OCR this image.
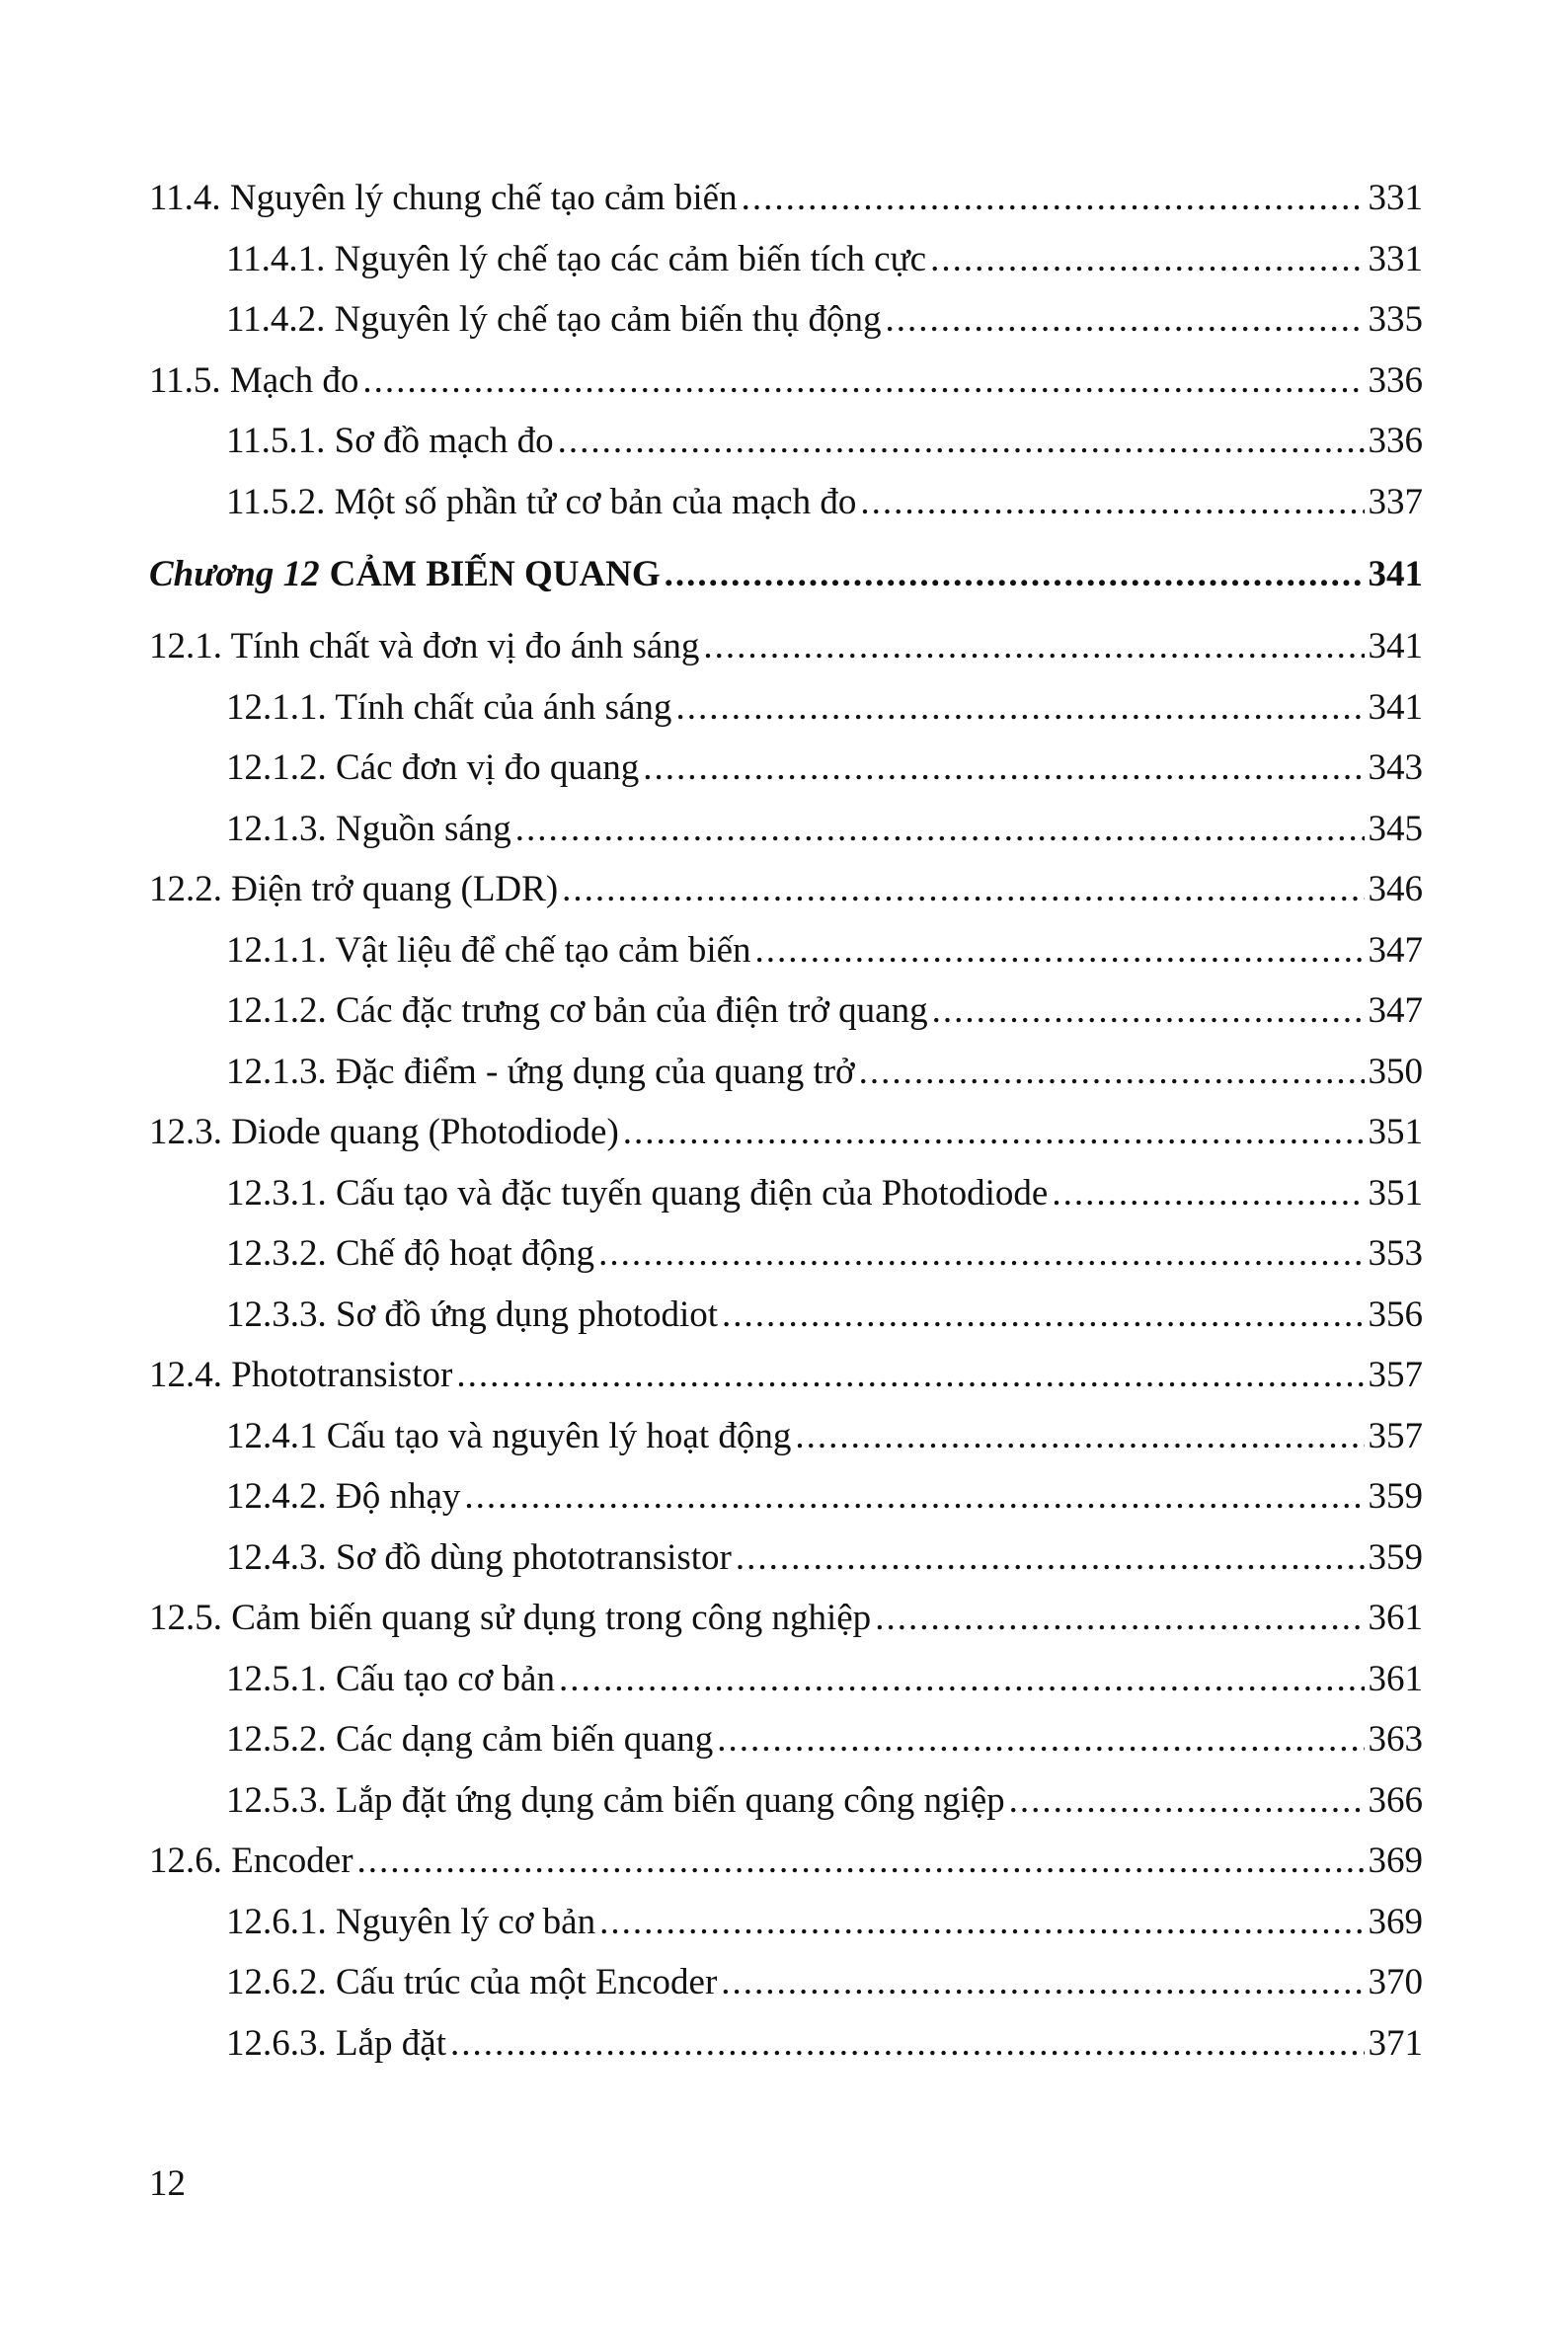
11.4. Nguyên lý chung chế tạo cảm biến .....	331
11.4.1. Nguyên lý chế tạo các cảm biến tích cực .....	331
11.4.2. Nguyên lý chế tạo cảm biến thụ động .....	335
11.5. Mạch đo .....	336
11.5.1. Sơ đồ mạch đo .....	336
11.5.2. Một số phần tử cơ bản của mạch đo .....	337
Chương 12 CẢM BIẾN QUANG .....	341
12.1. Tính chất và đơn vị đo ánh sáng .....	341
12.1.1. Tính chất của ánh sáng .....	341
12.1.2. Các đơn vị đo quang .....	343
12.1.3. Nguồn sáng .....	345
12.2. Điện trở quang (LDR) .....	346
12.1.1. Vật liệu để chế tạo cảm biến .....	347
12.1.2. Các đặc trưng cơ bản của điện trở quang .....	347
12.1.3. Đặc điểm - ứng dụng của quang trở .....	350
12.3. Diode quang (Photodiode) .....	351
12.3.1. Cấu tạo và đặc tuyến quang điện của Photodiode .....	351
12.3.2. Chế độ hoạt động .....	353
12.3.3. Sơ đồ ứng dụng photodiot .....	356
12.4. Phototransistor .....	357
12.4.1 Cấu tạo và nguyên lý hoạt động .....	357
12.4.2. Độ nhạy .....	359
12.4.3. Sơ đồ dùng phototransistor .....	359
12.5. Cảm biến quang sử dụng trong công nghiệp .....	361
12.5.1. Cấu tạo cơ bản .....	361
12.5.2. Các dạng cảm biến quang .....	363
12.5.3. Lắp đặt ứng dụng cảm biến quang công ngiệp .....	366
12.6. Encoder .....	369
12.6.1. Nguyên lý cơ bản .....	369
12.6.2. Cấu trúc của một Encoder .....	370
12.6.3. Lắp đặt .....	371
12
